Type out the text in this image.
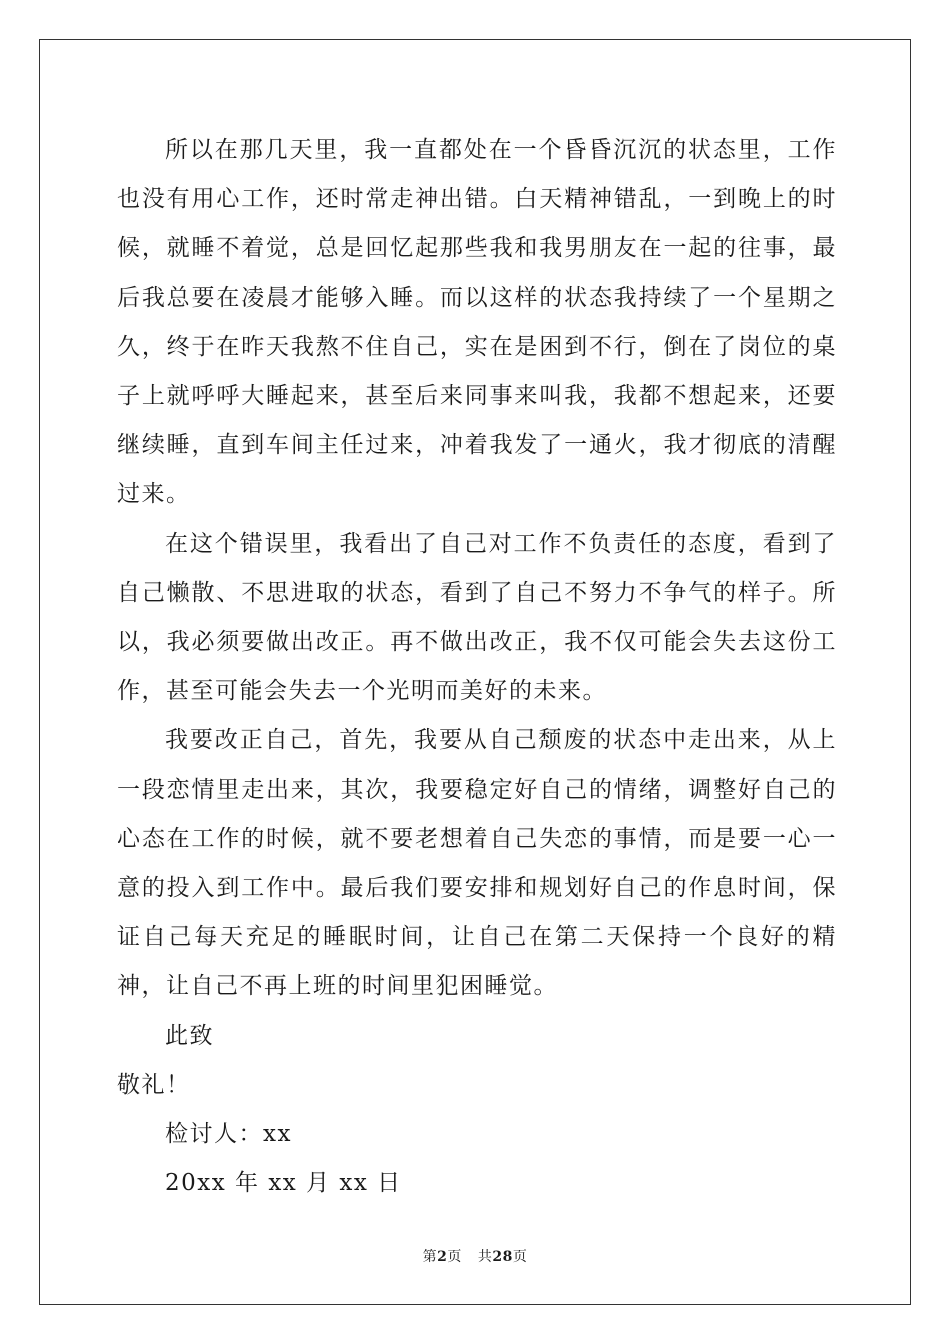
所以在那几天里，我一直都处在一个昏昏沉沉的状态里，工作也没有用心工作，还时常走神出错。白天精神错乱，一到晚上的时候，就睡不着觉，总是回忆起那些我和我男朋友在一起的往事，最后我总要在凌晨才能够入睡。而以这样的状态我持续了一个星期之久，终于在昨天我熬不住自己，实在是困到不行，倒在了岗位的桌子上就呼呼大睡起来，甚至后来同事来叫我，我都不想起来，还要继续睡，直到车间主任过来，冲着我发了一通火，我才彻底的清醒过来。

在这个错误里，我看出了自己对工作不负责任的态度，看到了自己懒散、不思进取的状态，看到了自己不努力不争气的样子。所以，我必须要做出改正。再不做出改正，我不仅可能会失去这份工作，甚至可能会失去一个光明而美好的未来。

我要改正自己，首先，我要从自己颓废的状态中走出来，从上一段恋情里走出来，其次，我要稳定好自己的情绪，调整好自己的心态在工作的时候，就不要老想着自己失恋的事情，而是要一心一意的投入到工作中。最后我们要安排和规划好自己的作息时间，保证自己每天充足的睡眠时间，让自己在第二天保持一个良好的精神，让自己不再上班的时间里犯困睡觉。

此致

敬礼！

检讨人：xx

20xx 年 xx 月 xx 日

第2页 共28页
